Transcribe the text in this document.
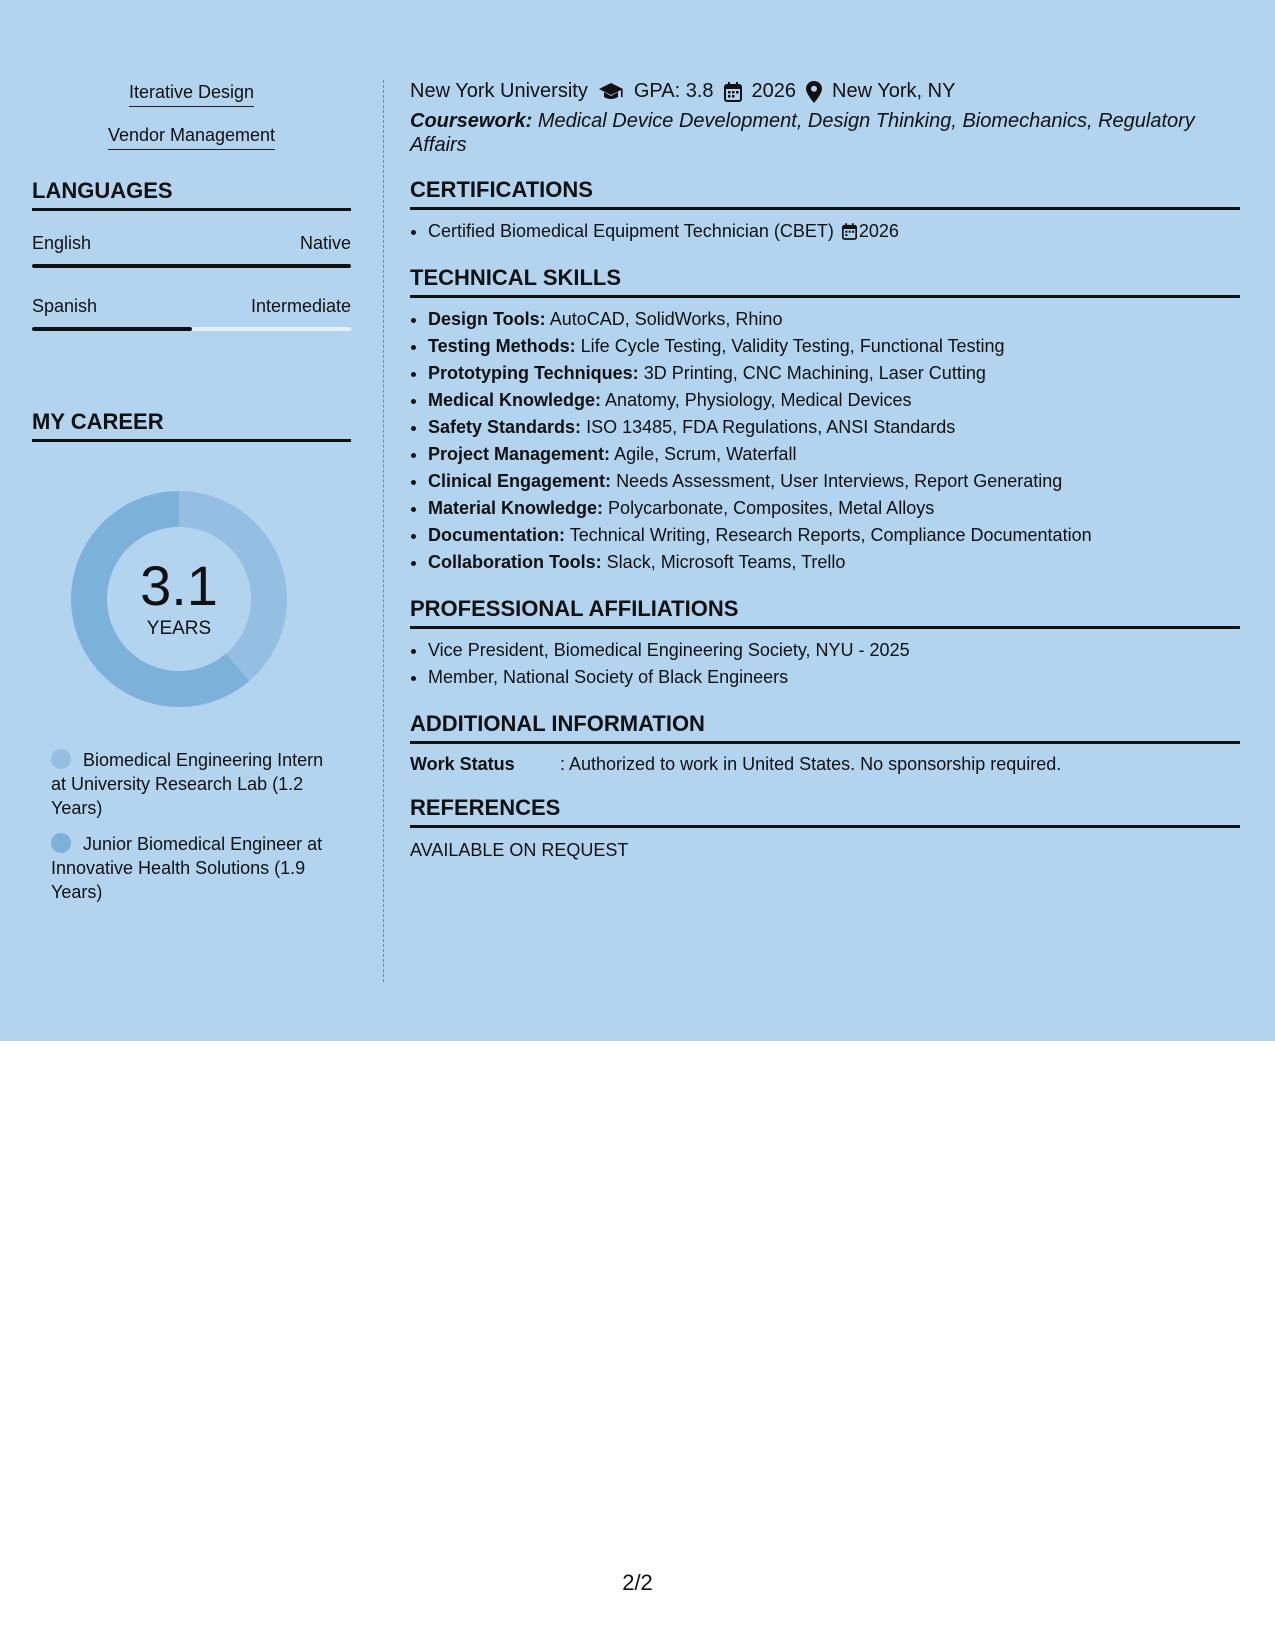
Iterative Design
Vendor Management
LANGUAGES
English	Native
Spanish	Intermediate
MY CAREER
3.1
YEARS
Biomedical Engineering Intern at University Research Lab (1.2 Years)
Junior Biomedical Engineer at Innovative Health Solutions (1.9 Years)
New York University GPA: 3.8 2026 New York, NY
Coursework: Medical Device Development, Design Thinking, Biomechanics, Regulatory Affairs
CERTIFICATIONS
• Certified Biomedical Equipment Technician (CBET) 2026
TECHNICAL SKILLS
• Design Tools: AutoCAD, SolidWorks, Rhino
• Testing Methods: Life Cycle Testing, Validity Testing, Functional Testing
• Prototyping Techniques: 3D Printing, CNC Machining, Laser Cutting
• Medical Knowledge: Anatomy, Physiology, Medical Devices
• Safety Standards: ISO 13485, FDA Regulations, ANSI Standards
• Project Management: Agile, Scrum, Waterfall
• Clinical Engagement: Needs Assessment, User Interviews, Report Generating
• Material Knowledge: Polycarbonate, Composites, Metal Alloys
• Documentation: Technical Writing, Research Reports, Compliance Documentation
• Collaboration Tools: Slack, Microsoft Teams, Trello
PROFESSIONAL AFFILIATIONS
• Vice President, Biomedical Engineering Society, NYU - 2025
• Member, National Society of Black Engineers
ADDITIONAL INFORMATION
Work Status	: Authorized to work in United States. No sponsorship required.
REFERENCES
AVAILABLE ON REQUEST
2/2
